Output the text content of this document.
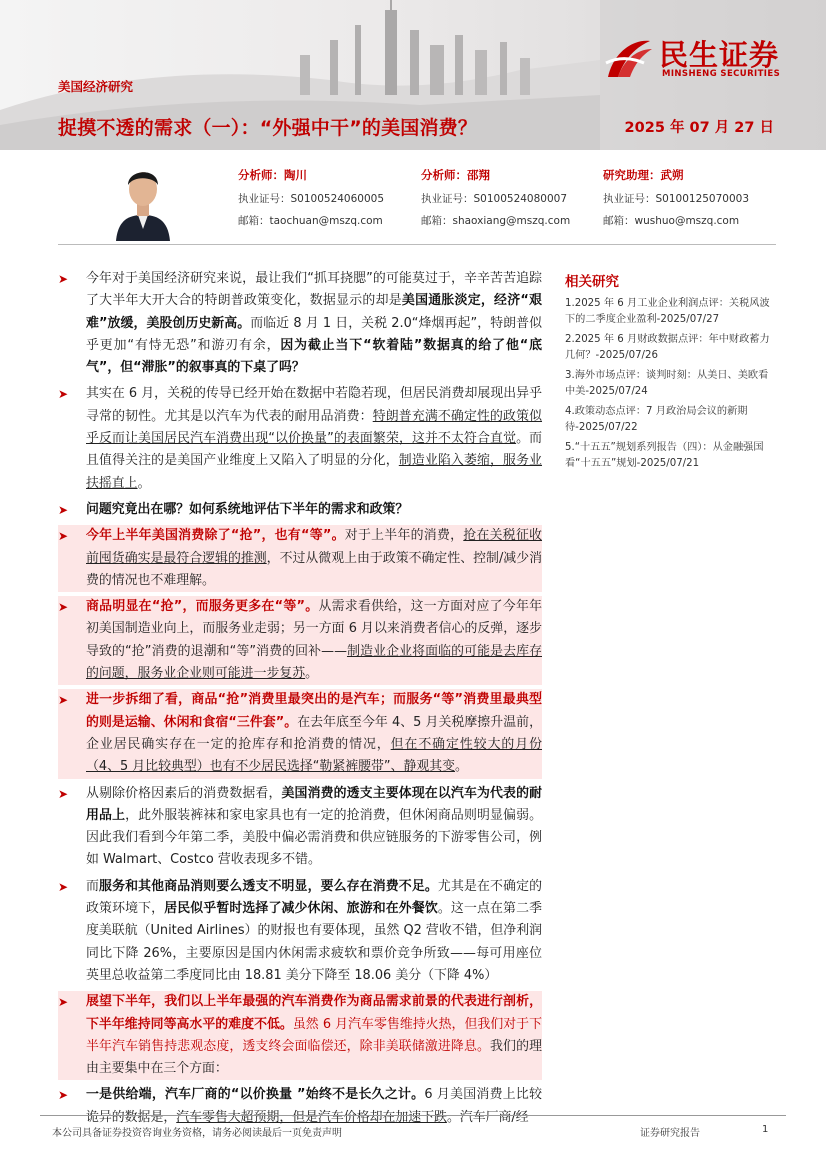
民生证券
MINSHENG SECURITIES
美国经济研究
捉摸不透的需求（一）：“外强中干”的美国消费？	2025 年 07 月 27 日
分析师：陶川
执业证号：S0100524060005
邮箱：taochuan@mszq.com
分析师：邵翔
执业证号：S0100524080007
邮箱：shaoxiang@mszq.com
研究助理：武朔
执业证号：S0100125070003
邮箱：wushuo@mszq.com
➤ 今年对于美国经济研究来说，最让我们“抓耳挠腮”的可能莫过于，辛辛苦苦追踪了大半年大开大合的特朗普政策变化，数据显示的却是美国通胀淡定，经济“艰难”放缓，美股创历史新高。而临近 8 月 1 日，关税 2.0“烽烟再起”，特朗普似乎更加“有恃无恐”和游刃有余，因为截止当下“软着陆”数据真的给了他“底气”，但“滞胀”的叙事真的下桌了吗？
➤ 其实在 6 月，关税的传导已经开始在数据中若隐若现，但居民消费却展现出异乎寻常的韧性。尤其是以汽车为代表的耐用品消费：特朗普充满不确定性的政策似乎反而让美国居民汽车消费出现“以价换量”的表面繁荣，这并不太符合直觉。而且值得关注的是美国产业维度上又陷入了明显的分化，制造业陷入萎缩，服务业扶摇直上。
➤ 问题究竟出在哪？如何系统地评估下半年的需求和政策？
➤ 今年上半年美国消费除了“抢”，也有“等”。对于上半年的消费，抢在关税征收前囤货确实是最符合逻辑的推测，不过从微观上由于政策不确定性、控制/减少消费的情况也不难理解。
➤ 商品明显在“抢”，而服务更多在“等”。从需求看供给，这一方面对应了今年年初美国制造业向上，而服务业走弱；另一方面 6 月以来消费者信心的反弹，逐步导致的“抢”消费的退潮和“等”消费的回补——制造业企业将面临的可能是去库存的问题，服务业企业则可能进一步复苏。
➤ 进一步拆细了看，商品“抢”消费里最突出的是汽车；而服务“等”消费里最典型的则是运输、休闲和食宿“三件套”。在去年底至今年 4、5 月关税摩擦升温前，企业居民确实存在一定的抢库存和抢消费的情况，但在不确定性较大的月份（4、5 月比较典型）也有不少居民选择“勒紧裤腰带”、静观其变。
➤ 从剔除价格因素后的消费数据看，美国消费的透支主要体现在以汽车为代表的耐用品上，此外服装裤袜和家电家具也有一定的抢消费，但休闲商品则明显偏弱。因此我们看到今年第二季，美股中偏必需消费和供应链服务的下游零售公司，例如 Walmart、Costco 营收表现多不错。
➤ 而服务和其他商品消则要么透支不明显，要么存在消费不足。尤其是在不确定的政策环境下，居民似乎暂时选择了减少休闲、旅游和在外餐饮。这一点在第二季度美联航（United Airlines）的财报也有要体现，虽然 Q2 营收不错，但净利润同比下降 26%，主要原因是国内休闲需求疲软和票价竞争所致——每可用座位英里总收益第二季度同比由 18.81 美分下降至 18.06 美分（下降 4%）
➤ 展望下半年，我们以上半年最强的汽车消费作为商品需求前景的代表进行剖析，下半年维持同等高水平的难度不低。虽然 6 月汽车零售维持火热，但我们对于下半年汽车销售持悲观态度，透支终会面临偿还，除非美联储激进降息。我们的理由主要集中在三个方面：
➤ 一是供给端，汽车厂商的“以价换量 ”始终不是长久之计。6 月美国消费上比较诡异的数据是，汽车零售大超预期，但是汽车价格却在加速下跌。汽车厂商/经
相关研究
1.2025 年 6 月工业企业利润点评：关税风波下的二季度企业盈利-2025/07/27
2.2025 年 6 月财政数据点评：年中财政蓄力几何？-2025/07/26
3.海外市场点评：谈判时刻：从美日、美欧看中美-2025/07/24
4.政策动态点评：7 月政治局会议的新期待-2025/07/22
5.“十五五”规划系列报告（四）：从金融强国看“十五五”规划-2025/07/21
本公司具备证券投资咨询业务资格，请务必阅读最后一页免责声明	证券研究报告	1
